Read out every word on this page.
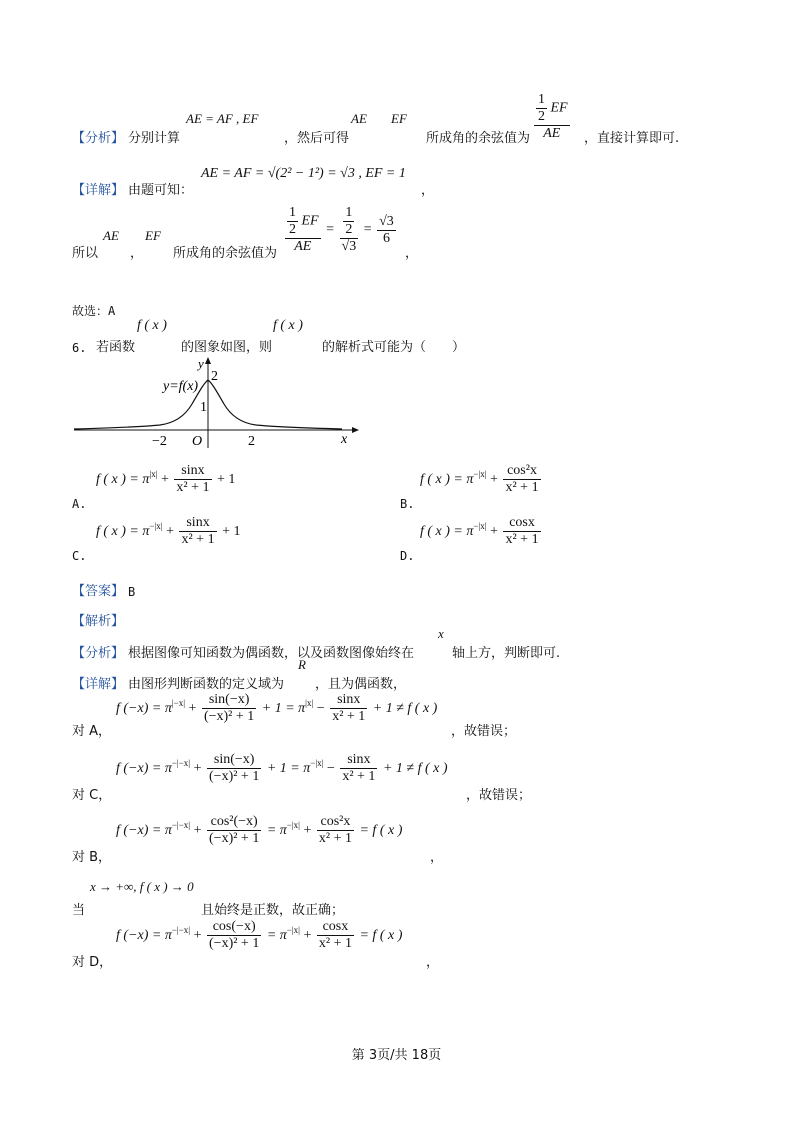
【分析】 分别计算
AE = AF , EF
，然后可得
AE EF
所成角的余弦值为 $\frac{\frac{1}{2} EF}{AE}$ ，直接计算即可.
【详解】 由题可知：
AE = AF = √(2² − 1²) = √3 , EF = 1
，
所以
AE
，
EF
所成角的余弦值为 $\frac{\frac{1}{2} EF}{AE} = \frac{\frac{1}{2}}{√3} = \frac{√3}{6}$
，
故选：A
6. 若函数
f ( x )
的图象如图，则
f ( x )
的解析式可能为（　　）
y=f(x)
y
2
1
−2 O	2	x
A.
f ( x ) = $\pi^{|x|} + \frac{\sin x}{\text{x² + 1}} + 1$
B.
f ( x ) = $\pi^{-|x|} + \frac{\text{cos²x}}{\text{x² + 1}}$
C.
f ( x ) = $\pi^{-|x|} + \frac{\sin x}{\text{x² + 1}} + 1$
D.
f ( x ) = $\pi^{-|x|} + \frac{\cos x}{\text{x² + 1}}$
【答案】 B
【解析】
【分析】 根据图像可知函数为偶函数，以及函数图像始终在
x
轴上方，判断即可.
【详解】 由图形判断函数的定义域为
R
，且为偶函数，
对 A，
f $(-x) = \pi^{|-x|} + \frac{\sin(-x)}{\text{(−x)² + 1}} + 1 = \pi^{|x|} - \frac{\sin x}{\text{x² + 1}} + 1 \ne f$ ( x )
，故错误；
对 C，
f $(-x) = \pi^{-|-x|} + \frac{\sin(-x)}{\text{(−x)² + 1}} + 1 = \pi^{-|x|} - \frac{\sin x}{\text{x² + 1}} + 1 \ne f$ ( x )
，故错误；
对 B，
f $(-x) = \pi^{-|-x|} + \frac{\text{cos²(−x)}}{\text{(−x)² + 1}} = \pi^{-|x|} + \frac{\text{cos²x}}{\text{x² + 1}} = f$ ( x )
，
x → +∞, f ( x ) → 0
当	且始终是正数，故正确；
对 D，
f $(-x) = \pi^{-|-x|} + \frac{\cos(-x)}{\text{(−x)² + 1}} = \pi^{-|x|} + \frac{\cos x}{\text{x² + 1}} = f$ ( x )
，
第 3页/共 18页
